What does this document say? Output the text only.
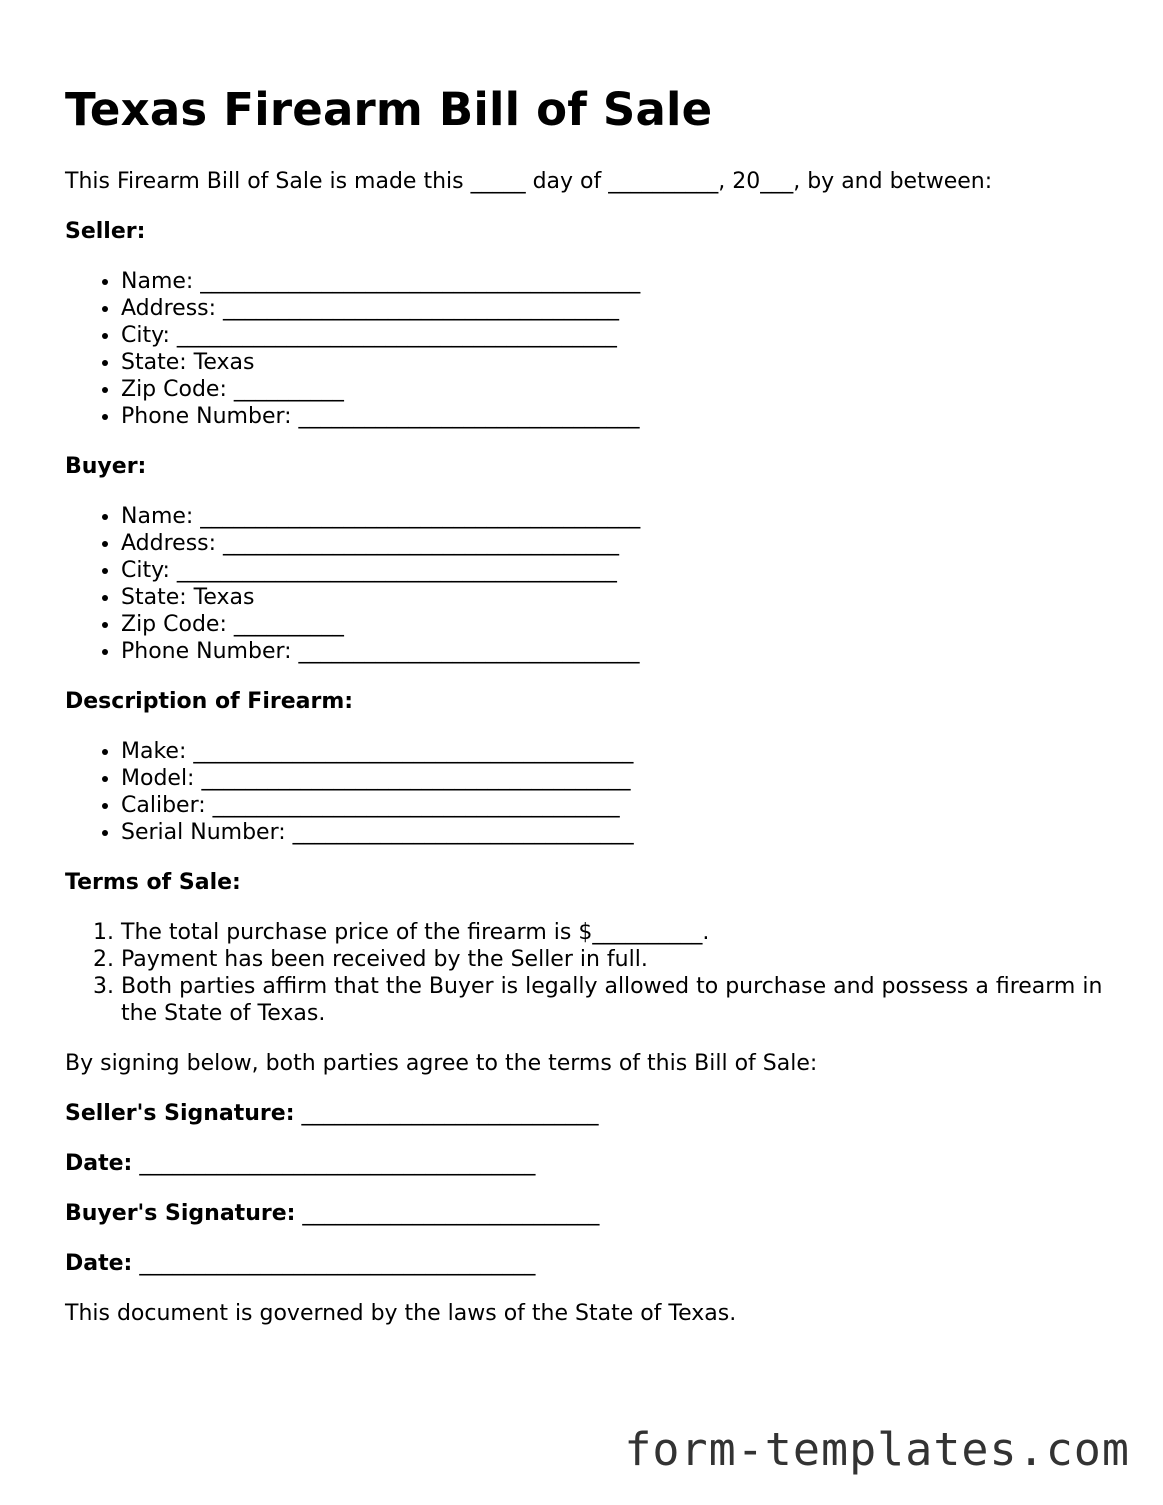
Texas Firearm Bill of Sale

This Firearm Bill of Sale is made this _____ day of __________, 20___, by and between:

Seller:

• Name: ________________________________________
• Address: ____________________________________
• City: ________________________________________
• State: Texas
• Zip Code: __________
• Phone Number: _______________________________

Buyer:

• Name: ________________________________________
• Address: ____________________________________
• City: ________________________________________
• State: Texas
• Zip Code: __________
• Phone Number: _______________________________

Description of Firearm:

• Make: ________________________________________
• Model: _______________________________________
• Caliber: _____________________________________
• Serial Number: _______________________________

Terms of Sale:

1. The total purchase price of the firearm is $__________.
2. Payment has been received by the Seller in full.
3. Both parties affirm that the Buyer is legally allowed to purchase and possess a firearm in the State of Texas.

By signing below, both parties agree to the terms of this Bill of Sale:

Seller's Signature: ___________________________

Date: ____________________________________

Buyer's Signature: ___________________________

Date: ____________________________________

This document is governed by the laws of the State of Texas.

form-templates.com
